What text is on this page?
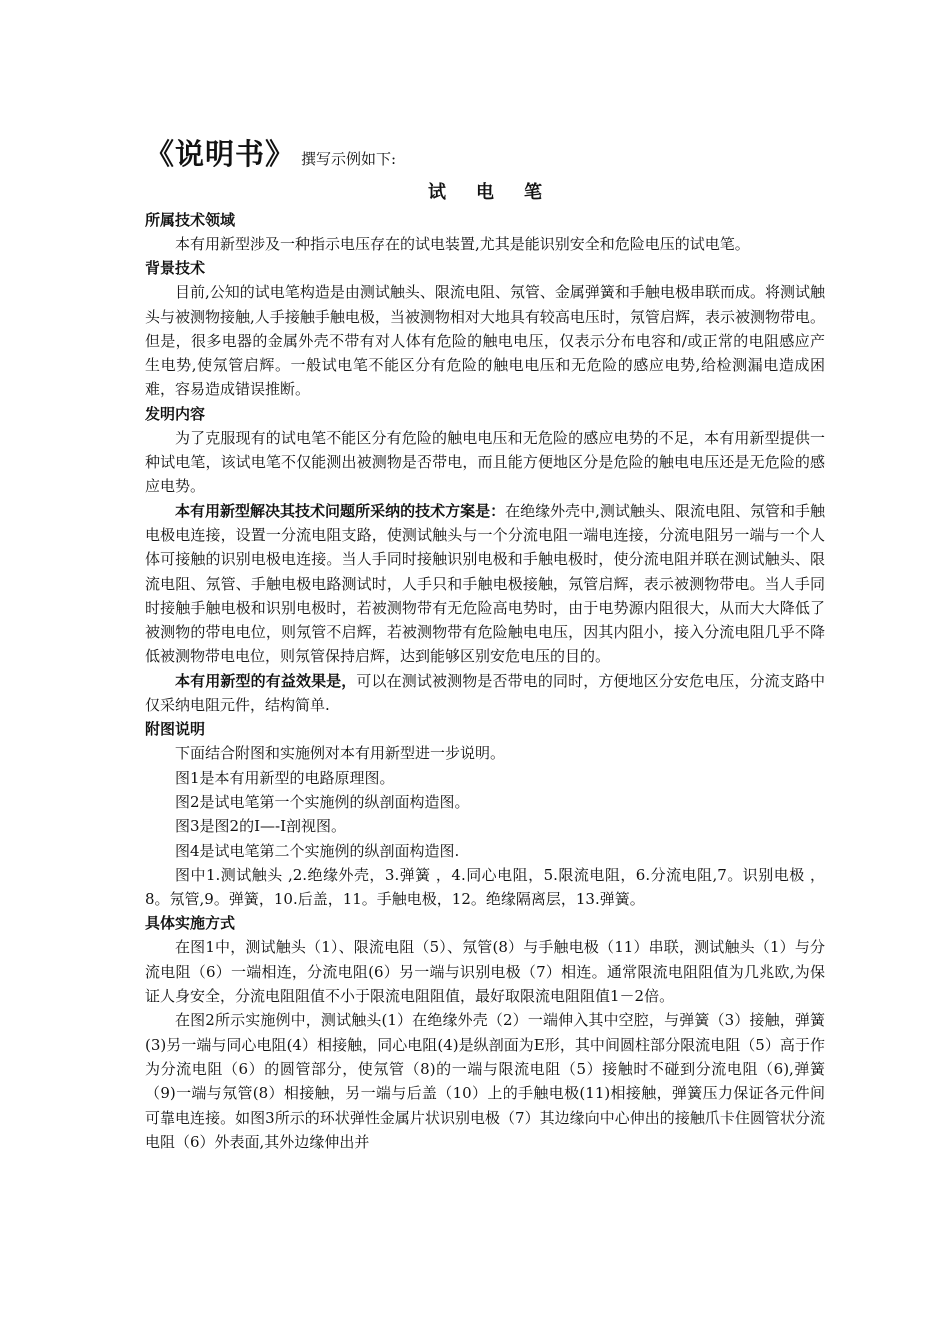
《说明书》 撰写示例如下:
试电笔
所属技术领域

本有用新型涉及一种指示电压存在的试电装置,尤其是能识别安全和危险电压的试电笔。

背景技术

目前,公知的试电笔构造是由测试触头、限流电阻、氖管、金属弹簧和手触电极串联而成。将测试触头与被测物接触,人手接触手触电极，当被测物相对大地具有较高电压时，氖管启辉，表示被测物带电。但是，很多电器的金属外壳不带有对人体有危险的触电电压，仅表示分布电容和/或正常的电阻感应产生电势,使氖管启辉。一般试电笔不能区分有危险的触电电压和无危险的感应电势,给检测漏电造成困难，容易造成错误推断。

发明内容

为了克服现有的试电笔不能区分有危险的触电电压和无危险的感应电势的不足，本有用新型提供一种试电笔，该试电笔不仅能测出被测物是否带电，而且能方便地区分是危险的触电电压还是无危险的感应电势。

本有用新型解决其技术问题所采纳的技术方案是：在绝缘外壳中,测试触头、限流电阻、氖管和手触电极电连接，设置一分流电阻支路，使测试触头与一个分流电阻一端电连接，分流电阻另一端与一个人体可接触的识别电极电连接。当人手同时接触识别电极和手触电极时，使分流电阻并联在测试触头、限流电阻、氖管、手触电极电路测试时，人手只和手触电极接触，氖管启辉，表示被测物带电。当人手同时接触手触电极和识别电极时，若被测物带有无危险高电势时，由于电势源内阻很大，从而大大降低了被测物的带电电位，则氖管不启辉，若被测物带有危险触电电压，因其内阻小，接入分流电阻几乎不降低被测物带电电位，则氖管保持启辉，达到能够区别安危电压的目的。

本有用新型的有益效果是，可以在测试被测物是否带电的同时，方便地区分安危电压，分流支路中仅采纳电阻元件，结构简单.

附图说明

下面结合附图和实施例对本有用新型进一步说明。

图1是本有用新型的电路原理图。

图2是试电笔第一个实施例的纵剖面构造图。

图3是图2的I—-I剖视图。

图4是试电笔第二个实施例的纵剖面构造图.

图中1.测试触头 ,2.绝缘外壳，3.弹簧 ，4.同心电阻，5.限流电阻，6.分流电阻,7。识别电极 ，8。氖管,9。弹簧，10.后盖，11。手触电极，12。绝缘隔离层，13.弹簧。

具体实施方式

在图1中，测试触头（1）、限流电阻（5）、氖管(8）与手触电极（11）串联，测试触头（1）与分流电阻（6）一端相连，分流电阻(6）另一端与识别电极（7）相连。通常限流电阻阻值为几兆欧,为保证人身安全，分流电阻阻值不小于限流电阻阻值，最好取限流电阻阻值1－2倍。

在图2所示实施例中，测试触头(1）在绝缘外壳（2）一端伸入其中空腔，与弹簧（3）接触，弹簧(3)另一端与同心电阻(4）相接触，同心电阻(4)是纵剖面为E形，其中间圆柱部分限流电阻（5）高于作为分流电阻（6）的圆管部分，使氖管（8)的一端与限流电阻（5）接触时不碰到分流电阻（6),弹簧（9)一端与氖管(8）相接触，另一端与后盖（10）上的手触电极(11)相接触，弹簧压力保证各元件间可靠电连接。如图3所示的环状弹性金属片状识别电极（7）其边缘向中心伸出的接触爪卡住圆管状分流电阻（6）外表面,其外边缘伸出并
